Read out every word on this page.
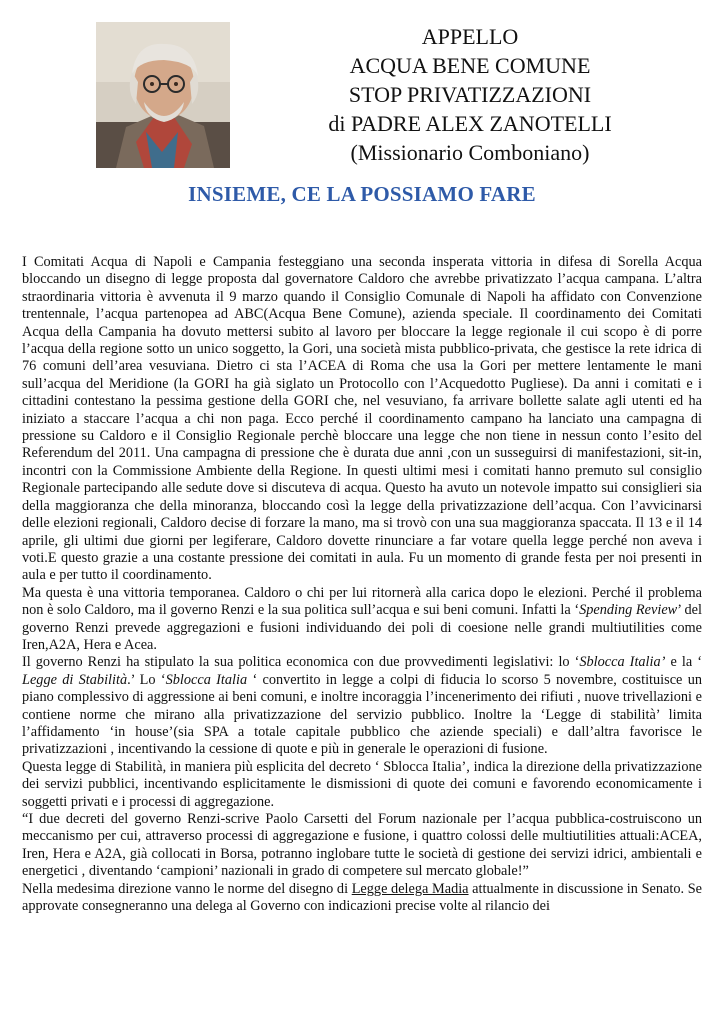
APPELLO
ACQUA BENE COMUNE
STOP PRIVATIZZAZIONI
di PADRE ALEX ZANOTELLI
(Missionario Comboniano)
INSIEME, CE LA POSSIAMO FARE

I Comitati Acqua di Napoli e Campania festeggiano una seconda insperata vittoria in difesa di Sorella Acqua bloccando un disegno di legge proposta dal governatore Caldoro che avrebbe privatizzato l’acqua campana. L’altra straordinaria vittoria è avvenuta il 9 marzo quando il Consiglio Comunale di Napoli ha affidato con Convenzione trentennale, l’acqua partenopea ad ABC(Acqua Bene Comune), azienda speciale. Il coordinamento dei Comitati Acqua della Campania ha dovuto mettersi subito al lavoro per bloccare la legge regionale il cui scopo è di porre l’acqua della regione sotto un unico soggetto, la Gori, una società mista pubblico-privata, che gestisce la rete idrica di 76 comuni dell’area vesuviana. Dietro ci sta l’ACEA di Roma che usa la Gori per mettere lentamente le mani sull’acqua del Meridione (la GORI ha già siglato un Protocollo con l’Acquedotto Pugliese). Da anni i comitati e i cittadini contestano la pessima gestione della GORI che, nel vesuviano, fa arrivare bollette salate agli utenti ed ha iniziato a staccare l’acqua a chi non paga. Ecco perché il coordinamento campano ha lanciato una campagna di pressione su Caldoro e il Consiglio Regionale perchè bloccare una legge che non tiene in nessun conto l’esito del Referendum del 2011. Una campagna di pressione che è durata due anni ,con un susseguirsi di manifestazioni, sit-in, incontri con la Commissione Ambiente della Regione. In questi ultimi mesi i comitati hanno premuto sul consiglio Regionale partecipando alle sedute dove si discuteva di acqua. Questo ha avuto un notevole impatto sui consiglieri sia della maggioranza che della minoranza, bloccando così la legge della privatizzazione dell’acqua. Con l’avvicinarsi delle elezioni regionali, Caldoro decise di forzare la mano, ma si trovò con una sua maggioranza spaccata. Il 13 e il 14 aprile, gli ultimi due giorni per legiferare, Caldoro dovette rinunciare a far votare quella legge perché non aveva i voti.E questo grazie a una costante pressione dei comitati in aula. Fu un momento di grande festa per noi presenti in aula e per tutto il coordinamento.

Ma questa è una vittoria temporanea. Caldoro o chi per lui ritornerà alla carica dopo le elezioni. Perché il problema non è solo Caldoro, ma il governo Renzi e la sua politica sull’acqua e sui beni comuni. Infatti la ‘Spending Review’ del governo Renzi prevede aggregazioni e fusioni individuando dei poli di coesione nelle grandi multiutilities come Iren,A2A, Hera e Acea.

Il governo Renzi ha stipulato la sua politica economica con due provvedimenti legislativi: lo ‘Sblocca Italia’ e la ‘ Legge di Stabilità.’ Lo ‘Sblocca Italia ‘ convertito in legge a colpi di fiducia lo scorso 5 novembre, costituisce un piano complessivo di aggressione ai beni comuni, e inoltre incoraggia l’incenerimento dei rifiuti , nuove trivellazioni e contiene norme che mirano alla privatizzazione del servizio pubblico. Inoltre la ‘Legge di stabilità’ limita l’affidamento ‘in house’(sia SPA a totale capitale pubblico che aziende speciali) e dall’altra favorisce le privatizzazioni , incentivando la cessione di quote e più in generale le operazioni di fusione.

Questa legge di Stabilità, in maniera più esplicita del decreto ‘ Sblocca Italia’, indica la direzione della privatizzazione dei servizi pubblici, incentivando esplicitamente le dismissioni di quote dei comuni e favorendo economicamente i soggetti privati e i processi di aggregazione.

“I due decreti del governo Renzi-scrive Paolo Carsetti del Forum nazionale per l’acqua pubblica-costruiscono un meccanismo per cui, attraverso processi di aggregazione e fusione, i quattro colossi delle multiutilities attuali:ACEA, Iren, Hera e A2A, già collocati in Borsa, potranno inglobare tutte le società di gestione dei servizi idrici, ambientali e energetici , diventando ‘campioni’ nazionali in grado di competere sul mercato globale!”

Nella medesima direzione vanno le norme del disegno di Legge delega Madia attualmente in discussione in Senato. Se approvate consegneranno una delega al Governo con indicazioni precise volte al rilancio dei
